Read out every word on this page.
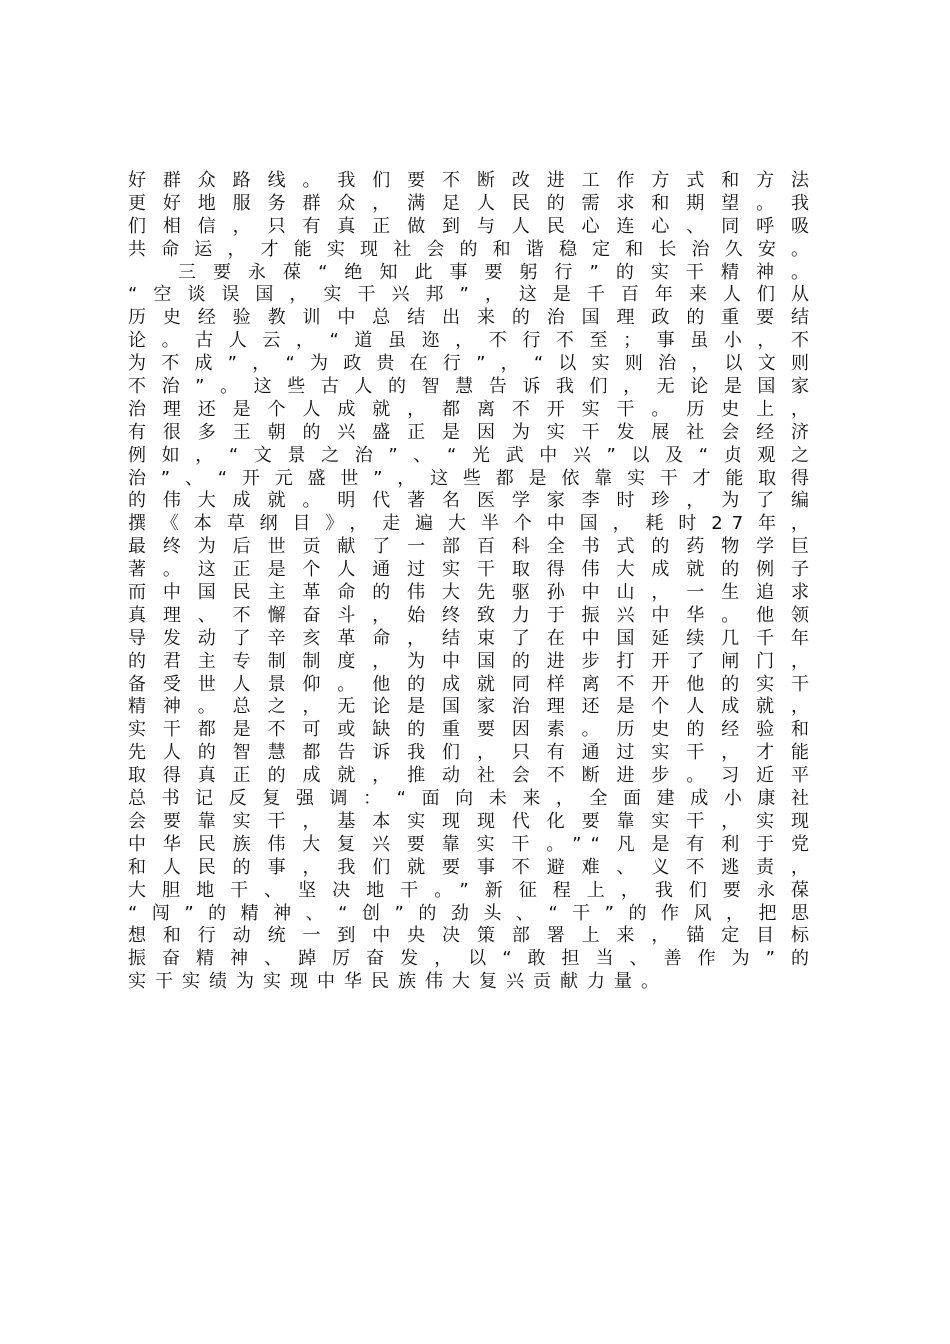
好群众路线。我们要不断改进工作方式和方法
更好地服务群众，满足人民的需求和期望。我
们相信，只有真正做到与人民心连心、同呼吸
共命运，才能实现社会的和谐稳定和长治久安。
三要永葆“绝知此事要躬行”的实干精神。
“空谈误国，实干兴邦”，这是千百年来人们从
历史经验教训中总结出来的治国理政的重要结
论。古人云，“道虽迩，不行不至；事虽小，不
为不成”，“为政贵在行”，“以实则治，以文则
不治”。这些古人的智慧告诉我们，无论是国家
治理还是个人成就，都离不开实干。历史上，
有很多王朝的兴盛正是因为实干发展社会经济
例如，“文景之治”、“光武中兴”以及“贞观之
治”、“开元盛世”，这些都是依靠实干才能取得
的伟大成就。明代著名医学家李时珍，为了编
撰《本草纲目》，走遍大半个中国，耗时27年，
最终为后世贡献了一部百科全书式的药物学巨
著。这正是个人通过实干取得伟大成就的例子
而中国民主革命的伟大先驱孙中山，一生追求
真理、不懈奋斗，始终致力于振兴中华。他领
导发动了辛亥革命，结束了在中国延续几千年
的君主专制制度，为中国的进步打开了闸门，
备受世人景仰。他的成就同样离不开他的实干
精神。总之，无论是国家治理还是个人成就，
实干都是不可或缺的重要因素。历史的经验和
先人的智慧都告诉我们，只有通过实干，才能
取得真正的成就，推动社会不断进步。习近平
总书记反复强调：“面向未来，全面建成小康社
会要靠实干，基本实现现代化要靠实干，实现
中华民族伟大复兴要靠实干。”“凡是有利于党
和人民的事，我们就要事不避难、义不逃责，
大胆地干、坚决地干。”新征程上，我们要永葆
“闯”的精神、“创”的劲头、“干”的作风，把思
想和行动统一到中央决策部署上来，锚定目标
振奋精神、踔厉奋发，以“敢担当、善作为”的
实干实绩为实现中华民族伟大复兴贡献力量。
